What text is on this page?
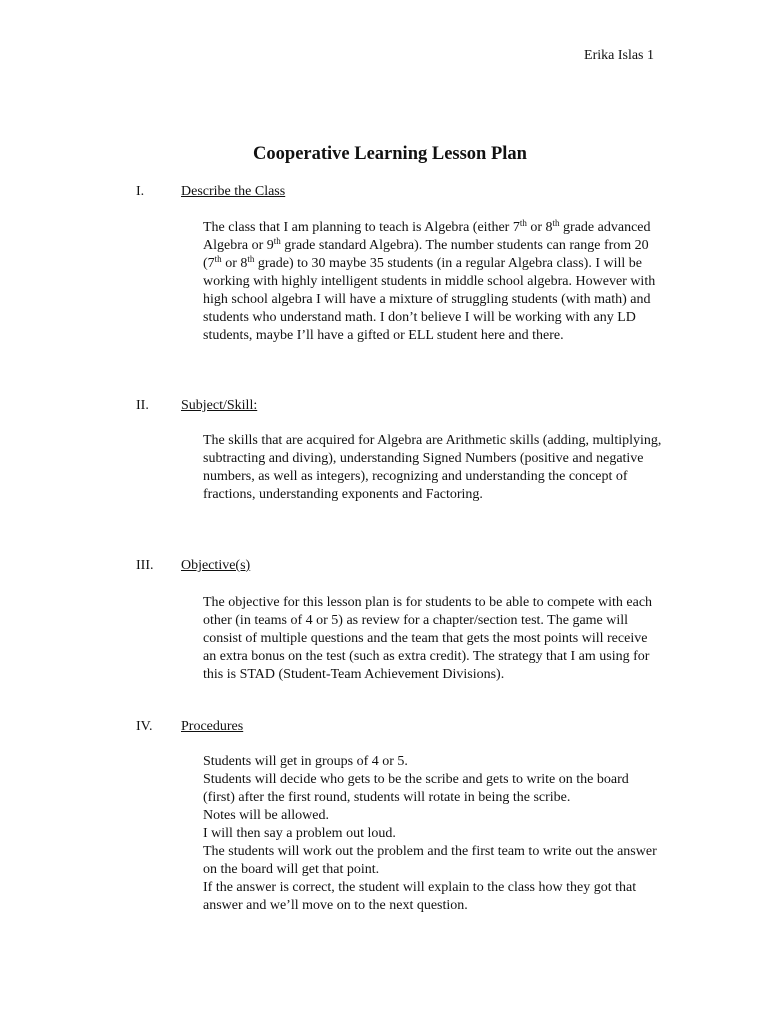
Erika Islas 1
Cooperative Learning Lesson Plan
I.	Describe the Class

The class that I am planning to teach is Algebra (either 7th or 8th grade advanced Algebra or 9th grade standard Algebra). The number students can range from 20 (7th or 8th grade) to 30 maybe 35 students (in a regular Algebra class). I will be working with highly intelligent students in middle school algebra. However with high school algebra I will have a mixture of struggling students (with math) and students who understand math. I don’t believe I will be working with any LD students, maybe I’ll have a gifted or ELL student here and there.

II. Subject/Skill:

The skills that are acquired for Algebra are Arithmetic skills (adding, multiplying, subtracting and diving), understanding Signed Numbers (positive and negative numbers, as well as integers), recognizing and understanding the concept of fractions, understanding exponents and Factoring.

III. Objective(s)

The objective for this lesson plan is for students to be able to compete with each other (in teams of 4 or 5) as review for a chapter/section test. The game will consist of multiple questions and the team that gets the most points will receive an extra bonus on the test (such as extra credit). The strategy that I am using for this is STAD (Student-Team Achievement Divisions).

IV. Procedures

Students will get in groups of 4 or 5.

Students will decide who gets to be the scribe and gets to write on the board (first) after the first round, students will rotate in being the scribe.

Notes will be allowed.

I will then say a problem out loud.

The students will work out the problem and the first team to write out the answer on the board will get that point.

If the answer is correct, the student will explain to the class how they got that answer and we’ll move on to the next question.
